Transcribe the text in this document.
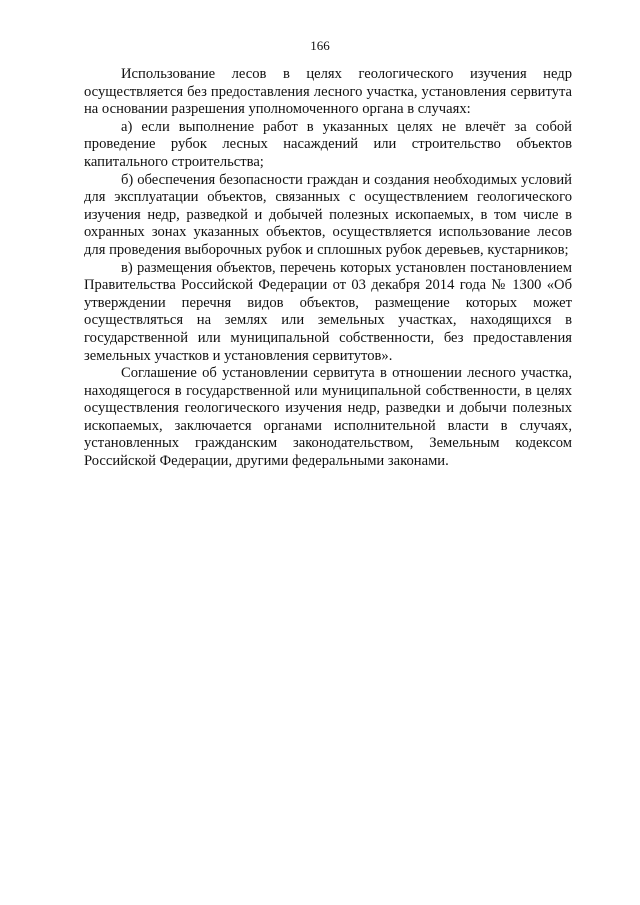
166

Использование лесов в целях геологического изучения недр осуществляется без предоставления лесного участка, установления сервитута на основании разрешения уполномоченного органа в случаях:

а) если выполнение работ в указанных целях не влечёт за собой проведение рубок лесных насаждений или строительство объектов капитального строительства;

б) обеспечения безопасности граждан и создания необходимых условий для эксплуатации объектов, связанных с осуществлением геологического изучения недр, разведкой и добычей полезных ископаемых, в том числе в охранных зонах указанных объектов, осуществляется использование лесов для проведения выборочных рубок и сплошных рубок деревьев, кустарников;

в) размещения объектов, перечень которых установлен постановлением Правительства Российской Федерации от 03 декабря 2014 года № 1300 «Об утверждении перечня видов объектов, размещение которых может осуществляться на землях или земельных участках, находящихся в государственной или муниципальной собственности, без предоставления земельных участков и установления сервитутов».

Соглашение об установлении сервитута в отношении лесного участка, находящегося в государственной или муниципальной собственности, в целях осуществления геологического изучения недр, разведки и добычи полезных ископаемых, заключается органами исполнительной власти в случаях, установленных гражданским законодательством, Земельным кодексом Российской Федерации, другими федеральными законами.
